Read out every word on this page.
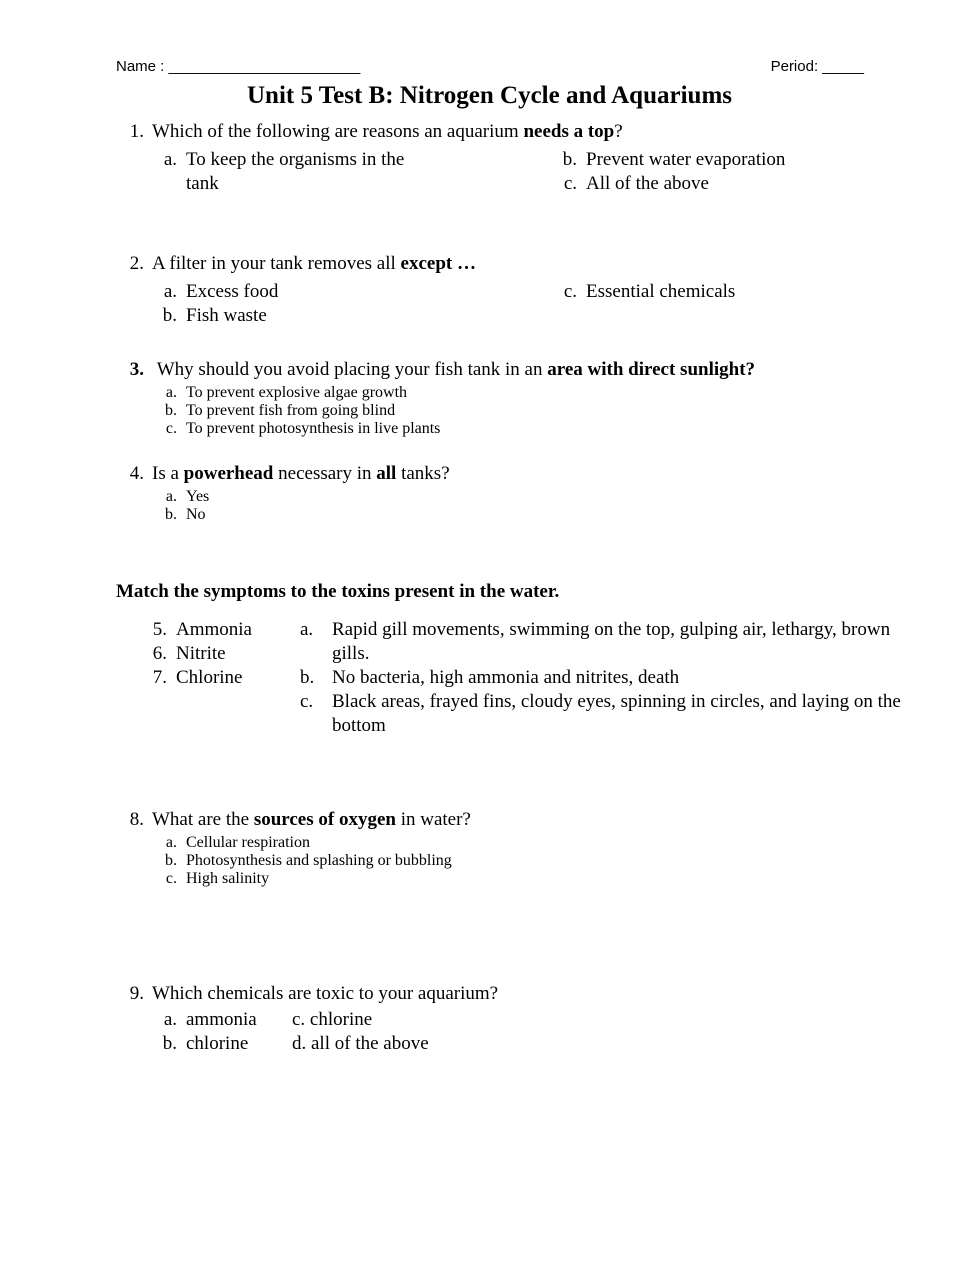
Name : _______________________	Period: _____
Unit 5 Test B: Nitrogen Cycle and Aquariums
1. Which of the following are reasons an aquarium needs a top?
a. To keep the organisms in the tank
b. Prevent water evaporation
c. All of the above
2. A filter in your tank removes all except …
a. Excess food
b. Fish waste
c. Essential chemicals
3. Why should you avoid placing your fish tank in an area with direct sunlight?
a. To prevent explosive algae growth
b. To prevent fish from going blind
c. To prevent photosynthesis in live plants
4. Is a powerhead necessary in all tanks?
a. Yes
b. No
Match the symptoms to the toxins present in the water.
5. Ammonia
6. Nitrite
7. Chlorine
a. Rapid gill movements, swimming on the top, gulping air, lethargy, brown gills.
b. No bacteria, high ammonia and nitrites, death
c. Black areas, frayed fins, cloudy eyes, spinning in circles, and laying on the bottom
8. What are the sources of oxygen in water?
a. Cellular respiration
b. Photosynthesis and splashing or bubbling
c. High salinity
9. Which chemicals are toxic to your aquarium?
a. ammonia
b. chlorine
c. chlorine
d. all of the above
